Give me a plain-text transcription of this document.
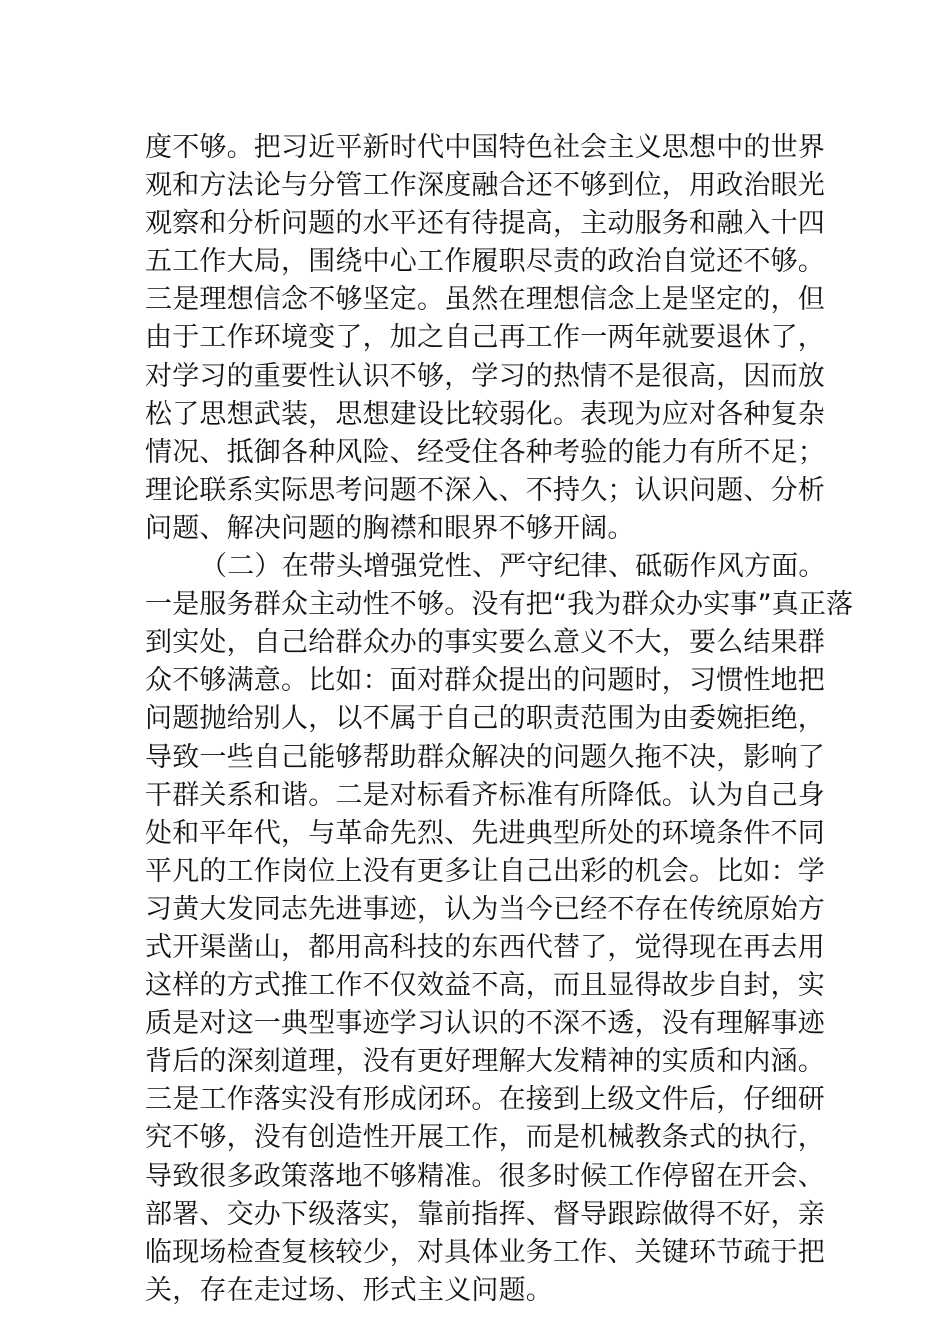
度不够。把习近平新时代中国特色社会主义思想中的世界
观和方法论与分管工作深度融合还不够到位，用政治眼光
观察和分析问题的水平还有待提高，主动服务和融入十四
五工作大局，围绕中心工作履职尽责的政治自觉还不够。
三是理想信念不够坚定。虽然在理想信念上是坚定的，但
由于工作环境变了，加之自己再工作一两年就要退休了，
对学习的重要性认识不够，学习的热情不是很高，因而放
松了思想武装，思想建设比较弱化。表现为应对各种复杂
情况、抵御各种风险、经受住各种考验的能力有所不足；
理论联系实际思考问题不深入、不持久；认识问题、分析
问题、解决问题的胸襟和眼界不够开阔。
（二）在带头增强党性、严守纪律、砥砺作风方面。
一是服务群众主动性不够。没有把“我为群众办实事”真正落
到实处，自己给群众办的事实要么意义不大，要么结果群
众不够满意。比如：面对群众提出的问题时，习惯性地把
问题抛给别人，以不属于自己的职责范围为由委婉拒绝，
导致一些自己能够帮助群众解决的问题久拖不决，影响了
干群关系和谐。二是对标看齐标准有所降低。认为自己身
处和平年代，与革命先烈、先进典型所处的环境条件不同
平凡的工作岗位上没有更多让自己出彩的机会。比如：学
习黄大发同志先进事迹，认为当今已经不存在传统原始方
式开渠凿山，都用高科技的东西代替了，觉得现在再去用
这样的方式推工作不仅效益不高，而且显得故步自封，实
质是对这一典型事迹学习认识的不深不透，没有理解事迹
背后的深刻道理，没有更好理解大发精神的实质和内涵。
三是工作落实没有形成闭环。在接到上级文件后，仔细研
究不够，没有创造性开展工作，而是机械教条式的执行，
导致很多政策落地不够精准。很多时候工作停留在开会、
部署、交办下级落实，靠前指挥、督导跟踪做得不好，亲
临现场检查复核较少，对具体业务工作、关键环节疏于把
关，存在走过场、形式主义问题。
